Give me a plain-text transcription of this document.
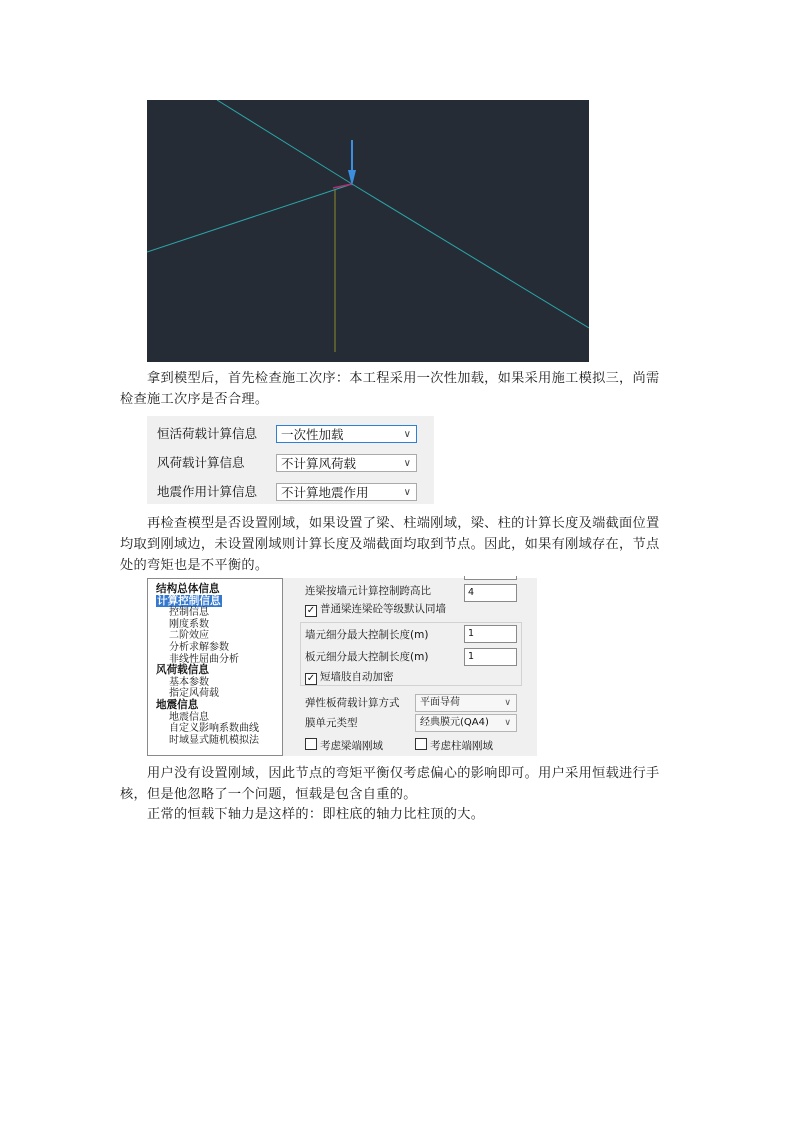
拿到模型后，首先检查施工次序：本工程采用一次性加载，如果采用施工模拟三，尚需
检查施工次序是否合理。
恒活荷载计算信息	一次性加载	∨
风荷载计算信息	不计算风荷载	∨
地震作用计算信息	不计算地震作用	∨
再检查模型是否设置刚域，如果设置了梁、柱端刚域，梁、柱的计算长度及端截面位置
均取到刚域边，未设置刚域则计算长度及端截面均取到节点。因此，如果有刚域存在，节点
处的弯矩也是不平衡的。
结构总体信息
计算控制信息
控制信息
刚度系数
二阶效应
分析求解参数
非线性屈曲分析
风荷载信息
基本参数
指定风荷载
地震信息
地震信息
自定义影响系数曲线
时域显式随机模拟法
连梁按墙元计算控制跨高比	4
✓ 普通梁连梁砼等级默认同墙
墙元细分最大控制长度(m)	1
板元细分最大控制长度(m)	1
✓ 短墙肢自动加密
弹性板荷载计算方式	平面导荷	∨
膜单元类型	经典膜元(QA4) ∨
考虑梁端刚域	考虑柱端刚域
用户没有设置刚域，因此节点的弯矩平衡仅考虑偏心的影响即可。用户采用恒载进行手
核，但是他忽略了一个问题，恒载是包含自重的。
正常的恒载下轴力是这样的：即柱底的轴力比柱顶的大。
